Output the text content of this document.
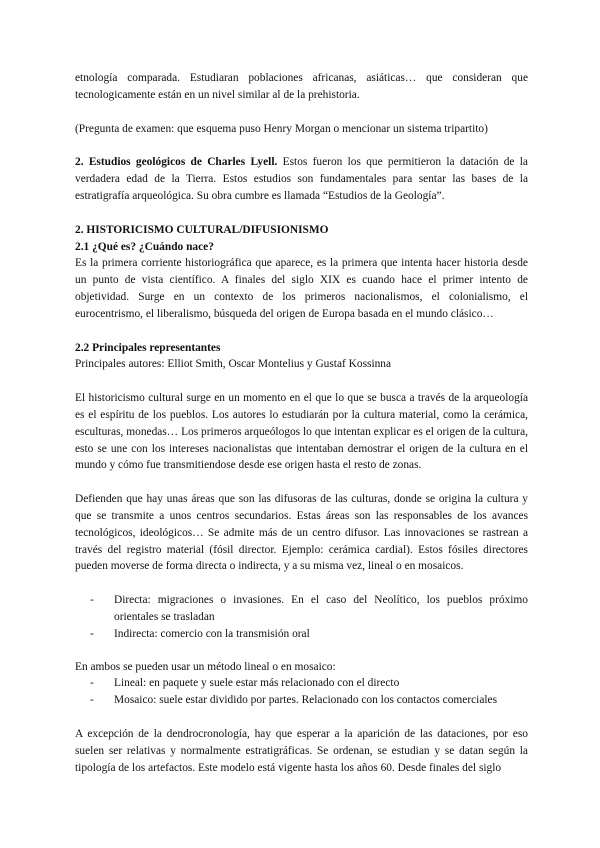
etnología comparada. Estudiaran poblaciones africanas, asiáticas… que consideran que tecnologicamente están en un nivel similar al de la prehistoria.

(Pregunta de examen: que esquema puso Henry Morgan o mencionar un sistema tripartito)

2. Estudios geológicos de Charles Lyell. Estos fueron los que permitieron la datación de la verdadera edad de la Tierra. Estos estudios son fundamentales para sentar las bases de la estratigrafía arqueológica. Su obra cumbre es llamada “Estudios de la Geología”.

2. HISTORICISMO CULTURAL/DIFUSIONISMO

2.1 ¿Qué es? ¿Cuándo nace?

Es la primera corriente historiográfica que aparece, es la primera que intenta hacer historia desde un punto de vista científico. A finales del siglo XIX es cuando hace el primer intento de objetividad. Surge en un contexto de los primeros nacionalismos, el colonialismo, el eurocentrismo, el liberalismo, búsqueda del origen de Europa basada en el mundo clásico…

2.2 Principales representantes

Principales autores: Elliot Smith, Oscar Montelius y Gustaf Kossinna

El historicismo cultural surge en un momento en el que lo que se busca a través de la arqueología es el espíritu de los pueblos. Los autores lo estudiarán por la cultura material, como la cerámica, esculturas, monedas… Los primeros arqueólogos lo que intentan explicar es el origen de la cultura, esto se une con los intereses nacionalistas que intentaban demostrar el origen de la cultura en el mundo y cómo fue transmitiendose desde ese origen hasta el resto de zonas.

Defienden que hay unas áreas que son las difusoras de las culturas, donde se origina la cultura y que se transmite a unos centros secundarios. Estas áreas son las responsables de los avances tecnológicos, ideológicos… Se admite más de un centro difusor. Las innovaciones se rastrean a través del registro material (fósil director. Ejemplo: cerámica cardial). Estos fósiles directores pueden moverse de forma directa o indirecta, y a su misma vez, lineal o en mosaicos.

- Directa: migraciones o invasiones. En el caso del Neolítico, los pueblos próximo orientales se trasladan
- Indirecta: comercio con la transmisión oral

En ambos se pueden usar un método lineal o en mosaico:

- Lineal: en paquete y suele estar más relacionado con el directo
- Mosaico: suele estar dividido por partes. Relacionado con los contactos comerciales

A excepción de la dendrocronología, hay que esperar a la aparición de las dataciones, por eso suelen ser relativas y normalmente estratigráficas. Se ordenan, se estudian y se datan según la tipología de los artefactos. Este modelo está vigente hasta los años 60. Desde finales del siglo
